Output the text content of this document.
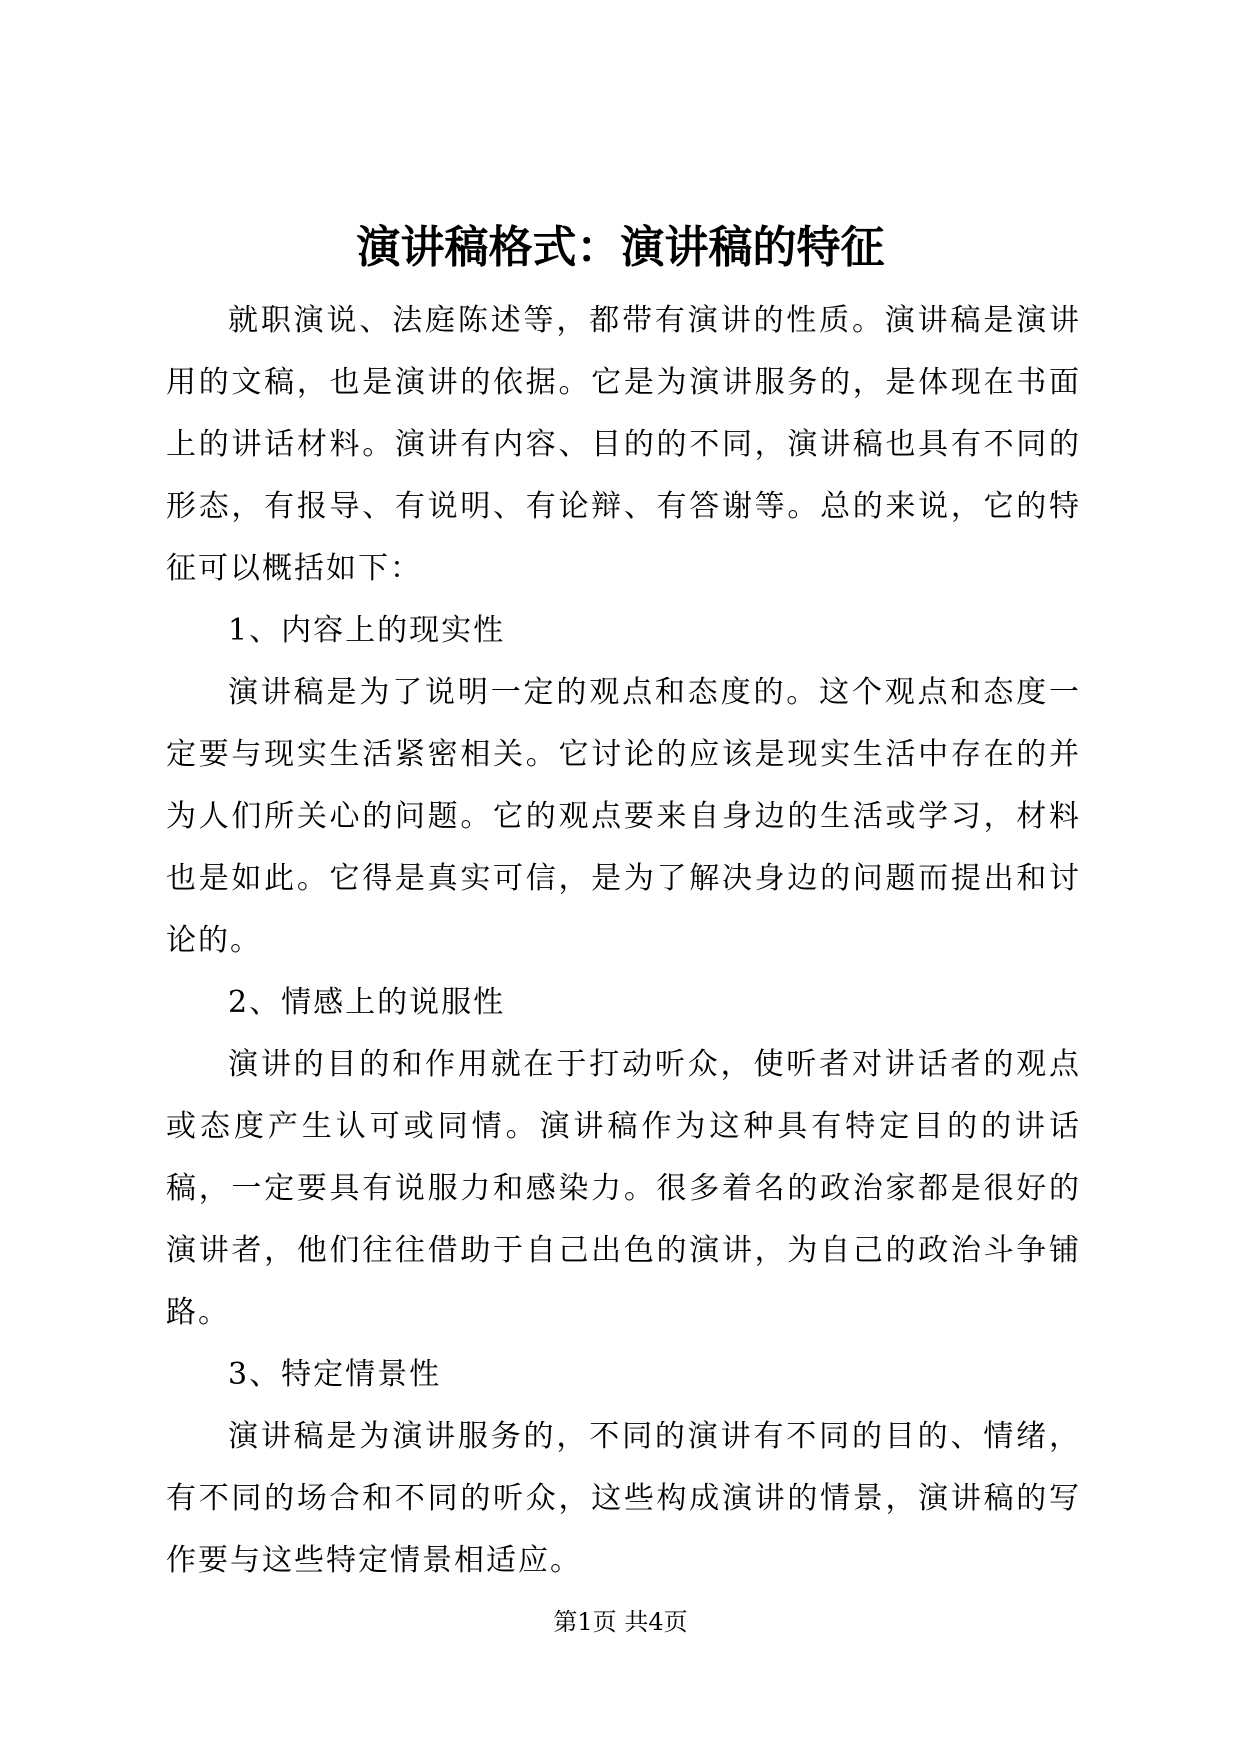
演讲稿格式：演讲稿的特征

就职演说、法庭陈述等，都带有演讲的性质。演讲稿是演讲用的文稿，也是演讲的依据。它是为演讲服务的，是体现在书面上的讲话材料。演讲有内容、目的的不同，演讲稿也具有不同的形态，有报导、有说明、有论辩、有答谢等。总的来说，它的特征可以概括如下：

1、内容上的现实性

演讲稿是为了说明一定的观点和态度的。这个观点和态度一定要与现实生活紧密相关。它讨论的应该是现实生活中存在的并为人们所关心的问题。它的观点要来自身边的生活或学习，材料也是如此。它得是真实可信，是为了解决身边的问题而提出和讨论的。

2、情感上的说服性

演讲的目的和作用就在于打动听众，使听者对讲话者的观点或态度产生认可或同情。演讲稿作为这种具有特定目的的讲话稿，一定要具有说服力和感染力。很多着名的政治家都是很好的演讲者，他们往往借助于自己出色的演讲，为自己的政治斗争铺路。

3、特定情景性

演讲稿是为演讲服务的，不同的演讲有不同的目的、情绪，有不同的场合和不同的听众，这些构成演讲的情景，演讲稿的写作要与这些特定情景相适应。

第1页 共4页
